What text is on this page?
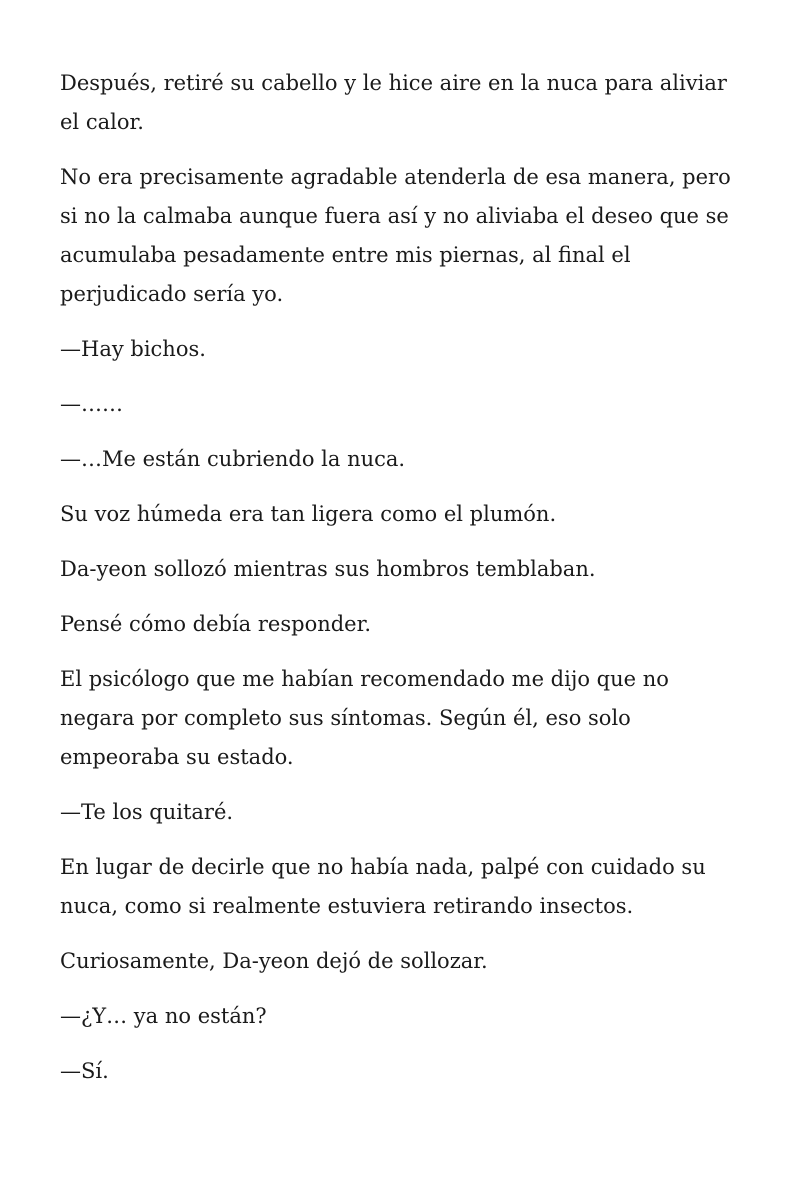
Después, retiré su cabello y le hice aire en la nuca para aliviar el calor.

No era precisamente agradable atenderla de esa manera, pero si no la calmaba aunque fuera así y no aliviaba el deseo que se acumulaba pesadamente entre mis piernas, al final el perjudicado sería yo.

—Hay bichos.

—……

—…Me están cubriendo la nuca.

Su voz húmeda era tan ligera como el plumón.

Da-yeon sollozó mientras sus hombros temblaban.

Pensé cómo debía responder.

El psicólogo que me habían recomendado me dijo que no negara por completo sus síntomas. Según él, eso solo empeoraba su estado.

—Te los quitaré.

En lugar de decirle que no había nada, palpé con cuidado su nuca, como si realmente estuviera retirando insectos.

Curiosamente, Da-yeon dejó de sollozar.

—¿Y… ya no están?

—Sí.
